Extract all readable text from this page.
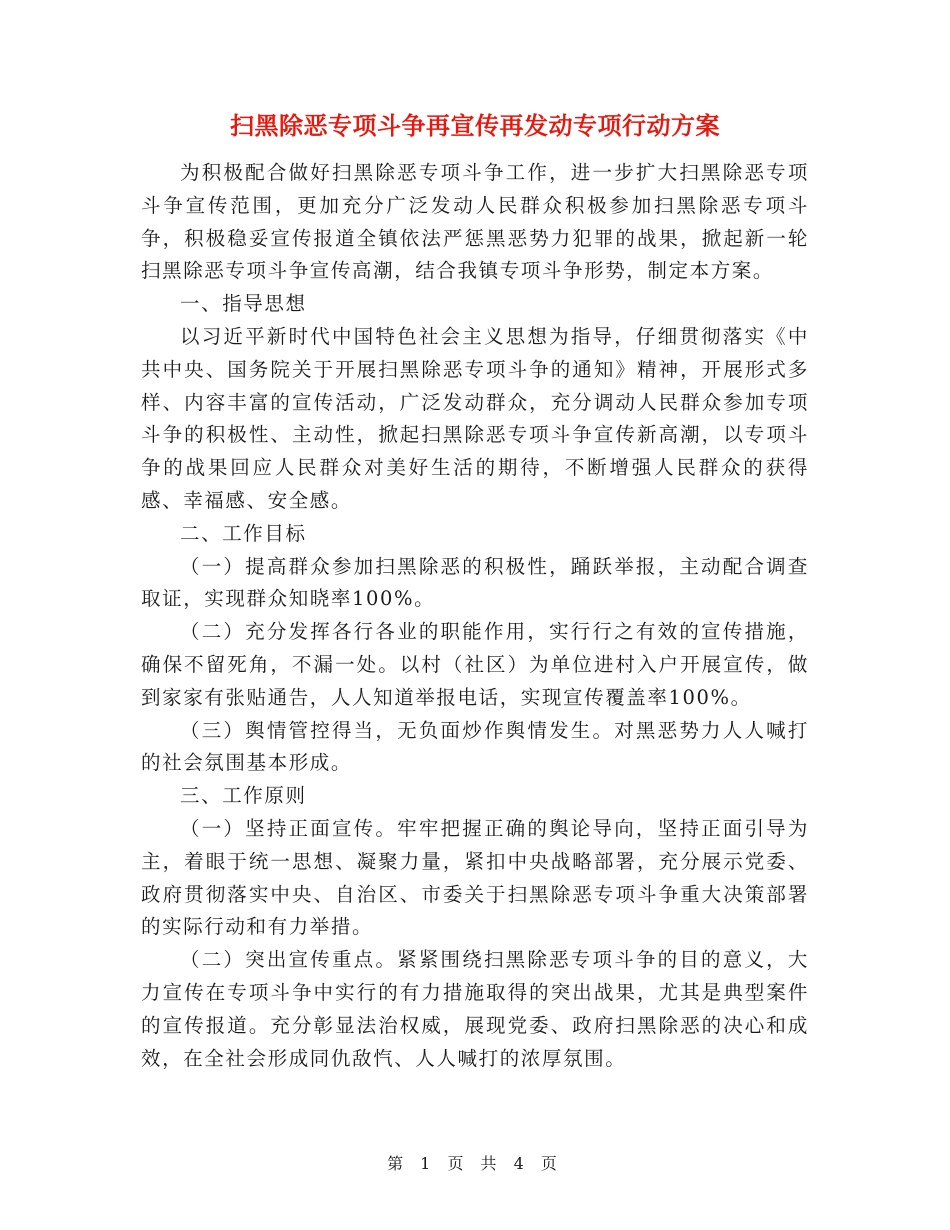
扫黑除恶专项斗争再宣传再发动专项行动方案

为积极配合做好扫黑除恶专项斗争工作，进一步扩大扫黑除恶专项斗争宣传范围，更加充分广泛发动人民群众积极参加扫黑除恶专项斗争，积极稳妥宣传报道全镇依法严惩黑恶势力犯罪的战果，掀起新一轮扫黑除恶专项斗争宣传高潮，结合我镇专项斗争形势，制定本方案。

一、指导思想

以习近平新时代中国特色社会主义思想为指导，仔细贯彻落实《中共中央、国务院关于开展扫黑除恶专项斗争的通知》精神，开展形式多样、内容丰富的宣传活动，广泛发动群众，充分调动人民群众参加专项斗争的积极性、主动性，掀起扫黑除恶专项斗争宣传新高潮，以专项斗争的战果回应人民群众对美好生活的期待，不断增强人民群众的获得感、幸福感、安全感。

二、工作目标

（一）提高群众参加扫黑除恶的积极性，踊跃举报，主动配合调查取证，实现群众知晓率100%。

（二）充分发挥各行各业的职能作用，实行行之有效的宣传措施，确保不留死角，不漏一处。以村（社区）为单位进村入户开展宣传，做到家家有张贴通告，人人知道举报电话，实现宣传覆盖率100%。

（三）舆情管控得当，无负面炒作舆情发生。对黑恶势力人人喊打的社会氛围基本形成。

三、工作原则

（一）坚持正面宣传。牢牢把握正确的舆论导向，坚持正面引导为主，着眼于统一思想、凝聚力量，紧扣中央战略部署，充分展示党委、政府贯彻落实中央、自治区、市委关于扫黑除恶专项斗争重大决策部署的实际行动和有力举措。

（二）突出宣传重点。紧紧围绕扫黑除恶专项斗争的目的意义，大力宣传在专项斗争中实行的有力措施取得的突出战果，尤其是典型案件的宣传报道。充分彰显法治权威，展现党委、政府扫黑除恶的决心和成效，在全社会形成同仇敌忾、人人喊打的浓厚氛围。

第 1 页 共 4 页
